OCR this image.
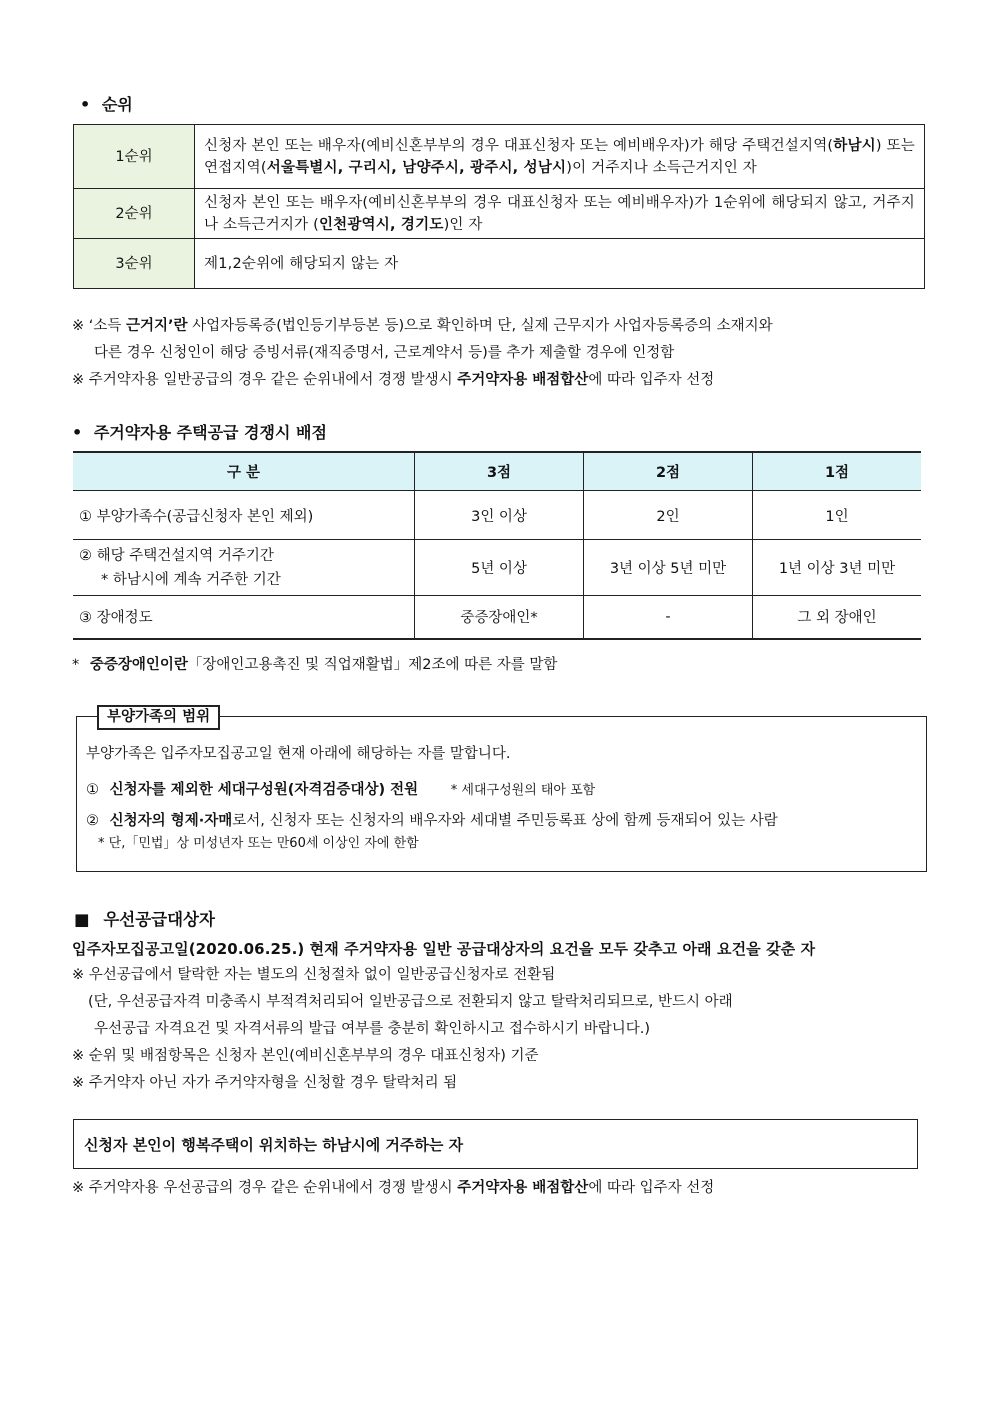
• 순위
1순위	신청자 본인 또는 배우자(예비신혼부부의 경우 대표신청자 또는 예비배우자)가 해당 주택건설지역(하남시) 또는 연접지역(서울특별시, 구리시, 남양주시, 광주시, 성남시)이 거주지나 소득근거지인 자
2순위	신청자 본인 또는 배우자(예비신혼부부의 경우 대표신청자 또는 예비배우자)가 1순위에 해당되지 않고, 거주지나 소득근거지가 (인천광역시, 경기도)인 자
3순위	제1,2순위에 해당되지 않는 자
※ ‘소득 근거지’란 사업자등록증(법인등기부등본 등)으로 확인하며 단, 실제 근무지가 사업자등록증의 소재지와
다른 경우 신청인이 해당 증빙서류(재직증명서, 근로계약서 등)를 추가 제출할 경우에 인정함
※ 주거약자용 일반공급의 경우 같은 순위내에서 경쟁 발생시 주거약자용 배점합산에 따라 입주자 선정
• 주거약자용 주택공급 경쟁시 배점
구 분	3점	2점	1점
① 부양가족수(공급신청자 본인 제외)	3인 이상	2인	1인

② 해당 주택건설지역 거주기간
* 하남시에 계속 거주한 기간	5년 이상	3년 이상 5년 미만	1년 이상 3년 미만
③ 장애정도	중증장애인*	-	그 외 장애인
* 중증장애인이란「장애인고용촉진 및 직업재활법」제2조에 따른 자를 말함
부양가족의 범위
부양가족은 입주자모집공고일 현재 아래에 해당하는 자를 말합니다.
① 신청자를 제외한 세대구성원(자격검증대상) 전원	* 세대구성원의 태아 포함
② 신청자의 형제·자매로서, 신청자 또는 신청자의 배우자와 세대별 주민등록표 상에 함께 등재되어 있는 사람
* 단,「민법」상 미성년자 또는 만60세 이상인 자에 한함
■ 우선공급대상자
입주자모집공고일(2020.06.25.) 현재 주거약자용 일반 공급대상자의 요건을 모두 갖추고 아래 요건을 갖춘 자
※ 우선공급에서 탈락한 자는 별도의 신청절차 없이 일반공급신청자로 전환됨
(단, 우선공급자격 미충족시 부적격처리되어 일반공급으로 전환되지 않고 탈락처리되므로, 반드시 아래
우선공급 자격요건 및 자격서류의 발급 여부를 충분히 확인하시고 접수하시기 바랍니다.)
※ 순위 및 배점항목은 신청자 본인(예비신혼부부의 경우 대표신청자) 기준
※ 주거약자 아닌 자가 주거약자형을 신청할 경우 탈락처리 됨
신청자 본인이 행복주택이 위치하는 하남시에 거주하는 자
※ 주거약자용 우선공급의 경우 같은 순위내에서 경쟁 발생시 주거약자용 배점합산에 따라 입주자 선정
